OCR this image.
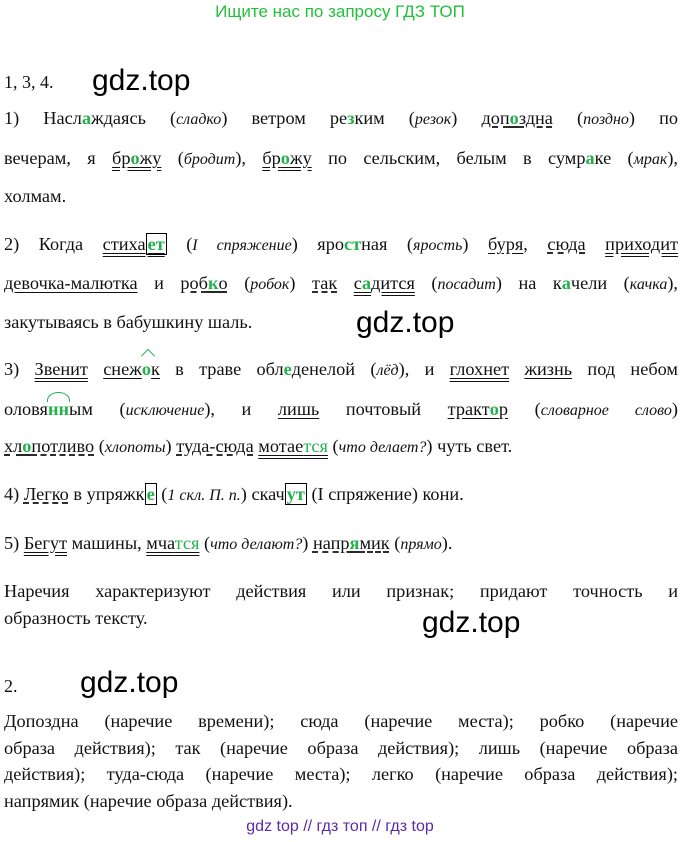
Ищите нас по запросу ГДЗ ТОП
gdz.top
gdz.top
gdz.top
gdz.top
1, 3, 4.
1) Наслаждаясь (сладко) ветром резким (резок) допоздна (поздно) по
вечерам, я брожу (бродит), брожу по сельским, белым в сумраке (мрак),
холмам.
2) Когда стиха ет (I спряжение) яростная (ярость) буря, сюда приходит
девочка-малютка и робко (робок) так садится (посадит) на качели (качка),
закутываясь в бабушкину шаль.
3) Звенит снежок в траве обледенелой (лёд), и глохнет жизнь под небом
оловянным (исключение), и лишь почтовый трактор (словарное слово)
хлопотливо (хлопоты) туда-сюда мотается (что делает?) чуть свет.
4) Легко в упряжк е (1 скл. П. п.) скач ут (I спряжение) кони.
5) Бегут машины, мчатся (что делают?) напрямик (прямо).
Наречия характеризуют действия или признак; придают точность и
образность тексту.
2.
Допоздна (наречие времени); сюда (наречие места); робко (наречие
образа действия); так (наречие образа действия); лишь (наречие образа
действия); туда-сюда (наречие места); легко (наречие образа действия);
напрямик (наречие образа действия).
gdz top // гдз топ // гдз top
